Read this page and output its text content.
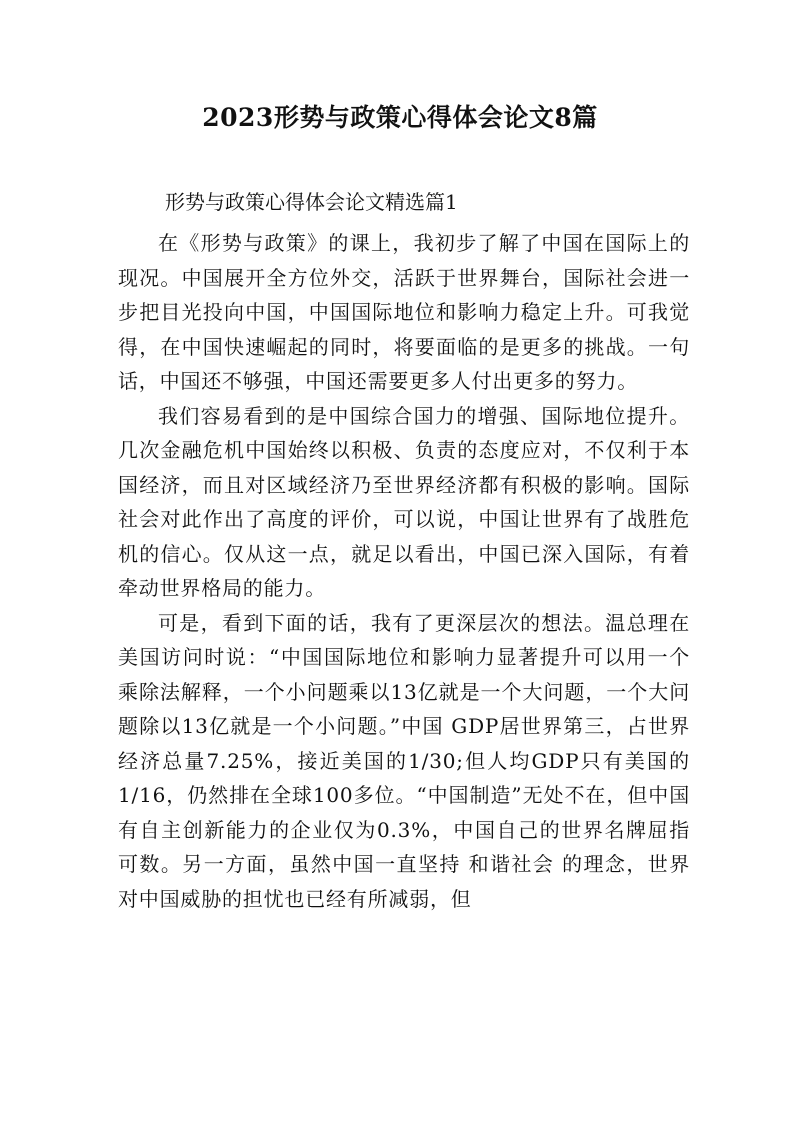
2023形势与政策心得体会论文8篇
形势与政策心得体会论文精选篇1

在《形势与政策》的课上，我初步了解了中国在国际上的现况。中国展开全方位外交，活跃于世界舞台，国际社会进一步把目光投向中国，中国国际地位和影响力稳定上升。可我觉得，在中国快速崛起的同时，将要面临的是更多的挑战。一句话，中国还不够强，中国还需要更多人付出更多的努力。

我们容易看到的是中国综合国力的增强、国际地位提升。几次金融危机中国始终以积极、负责的态度应对，不仅利于本国经济，而且对区域经济乃至世界经济都有积极的影响。国际社会对此作出了高度的评价，可以说，中国让世界有了战胜危机的信心。仅从这一点，就足以看出，中国已深入国际，有着牵动世界格局的能力。

可是，看到下面的话，我有了更深层次的想法。温总理在美国访问时说：“中国国际地位和影响力显著提升可以用一个乘除法解释，一个小问题乘以13亿就是一个大问题，一个大问题除以13亿就是一个小问题。”中国 GDP居世界第三，占世界经济总量7.25%，接近美国的1/30;但人均GDP只有美国的1/16，仍然排在全球100多位。“中国制造”无处不在，但中国有自主创新能力的企业仅为0.3%，中国自己的世界名牌屈指可数。另一方面，虽然中国一直坚持 和谐社会 的理念，世界对中国威胁的担忧也已经有所减弱，但
